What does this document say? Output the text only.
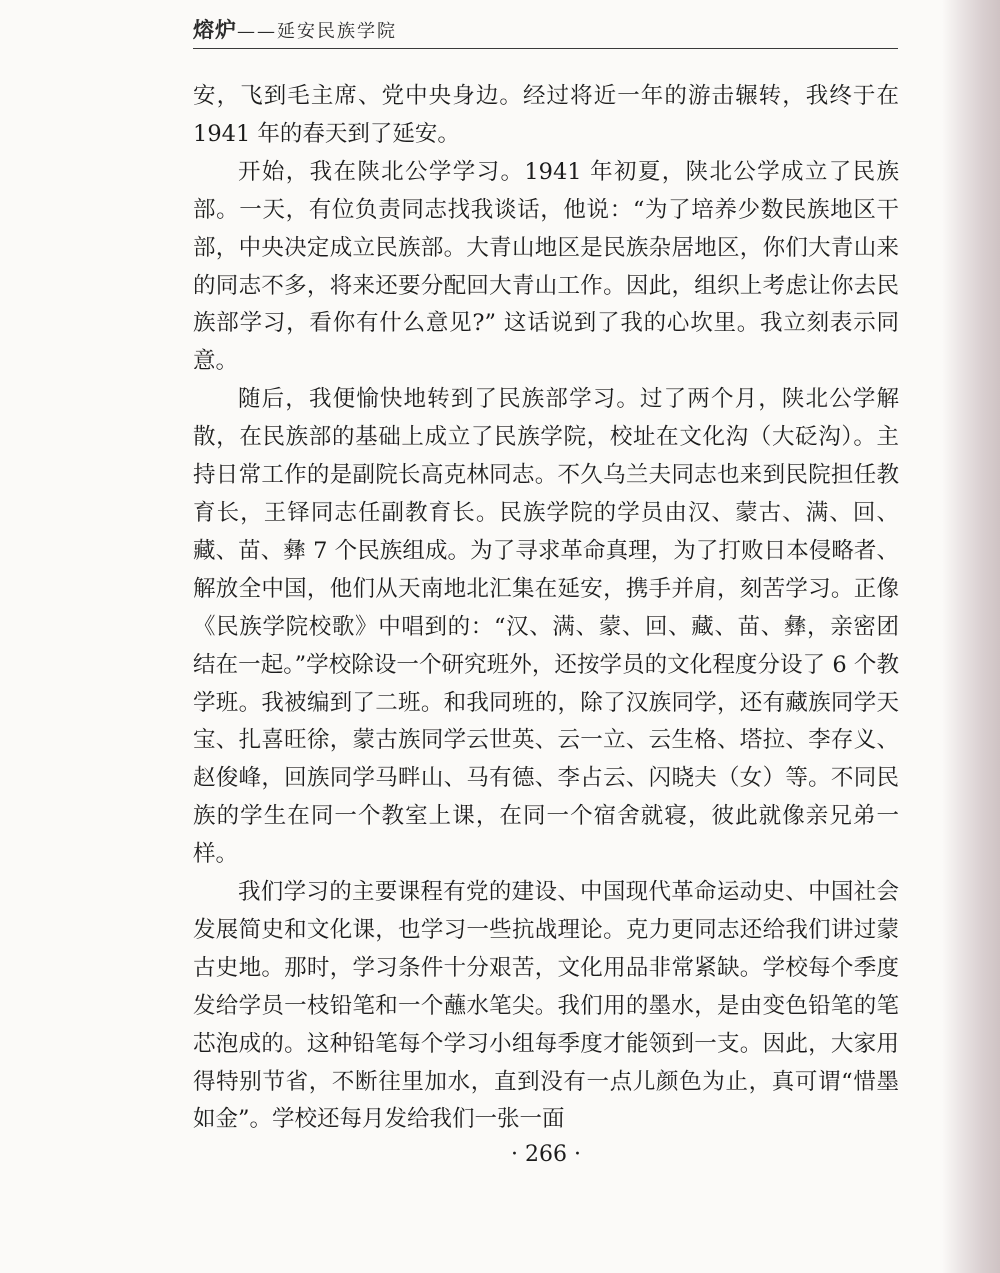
熔炉——延安民族学院

安，飞到毛主席、党中央身边。经过将近一年的游击辗转，我终于在 1941 年的春天到了延安。

开始，我在陕北公学学习。1941 年初夏，陕北公学成立了民族部。一天，有位负责同志找我谈话，他说：“为了培养少数民族地区干部，中央决定成立民族部。大青山地区是民族杂居地区，你们大青山来的同志不多，将来还要分配回大青山工作。因此，组织上考虑让你去民族部学习，看你有什么意见?” 这话说到了我的心坎里。我立刻表示同意。

随后，我便愉快地转到了民族部学习。过了两个月，陕北公学解散，在民族部的基础上成立了民族学院，校址在文化沟（大砭沟）。主持日常工作的是副院长高克林同志。不久乌兰夫同志也来到民院担任教育长，王铎同志任副教育长。民族学院的学员由汉、蒙古、满、回、藏、苗、彝 7 个民族组成。为了寻求革命真理，为了打败日本侵略者、解放全中国，他们从天南地北汇集在延安，携手并肩，刻苦学习。正像《民族学院校歌》中唱到的：“汉、满、蒙、回、藏、苗、彝，亲密团结在一起。”学校除设一个研究班外，还按学员的文化程度分设了 6 个教学班。我被编到了二班。和我同班的，除了汉族同学，还有藏族同学天宝、扎喜旺徐，蒙古族同学云世英、云一立、云生格、塔拉、李存义、赵俊峰，回族同学马畔山、马有德、李占云、闪晓夫（女）等。不同民族的学生在同一个教室上课，在同一个宿舍就寝，彼此就像亲兄弟一样。

我们学习的主要课程有党的建设、中国现代革命运动史、中国社会发展简史和文化课，也学习一些抗战理论。克力更同志还给我们讲过蒙古史地。那时，学习条件十分艰苦，文化用品非常紧缺。学校每个季度发给学员一枝铅笔和一个蘸水笔尖。我们用的墨水，是由变色铅笔的笔芯泡成的。这种铅笔每个学习小组每季度才能领到一支。因此，大家用得特别节省，不断往里加水，直到没有一点儿颜色为止，真可谓“惜墨如金”。学校还每月发给我们一张一面

· 266 ·
